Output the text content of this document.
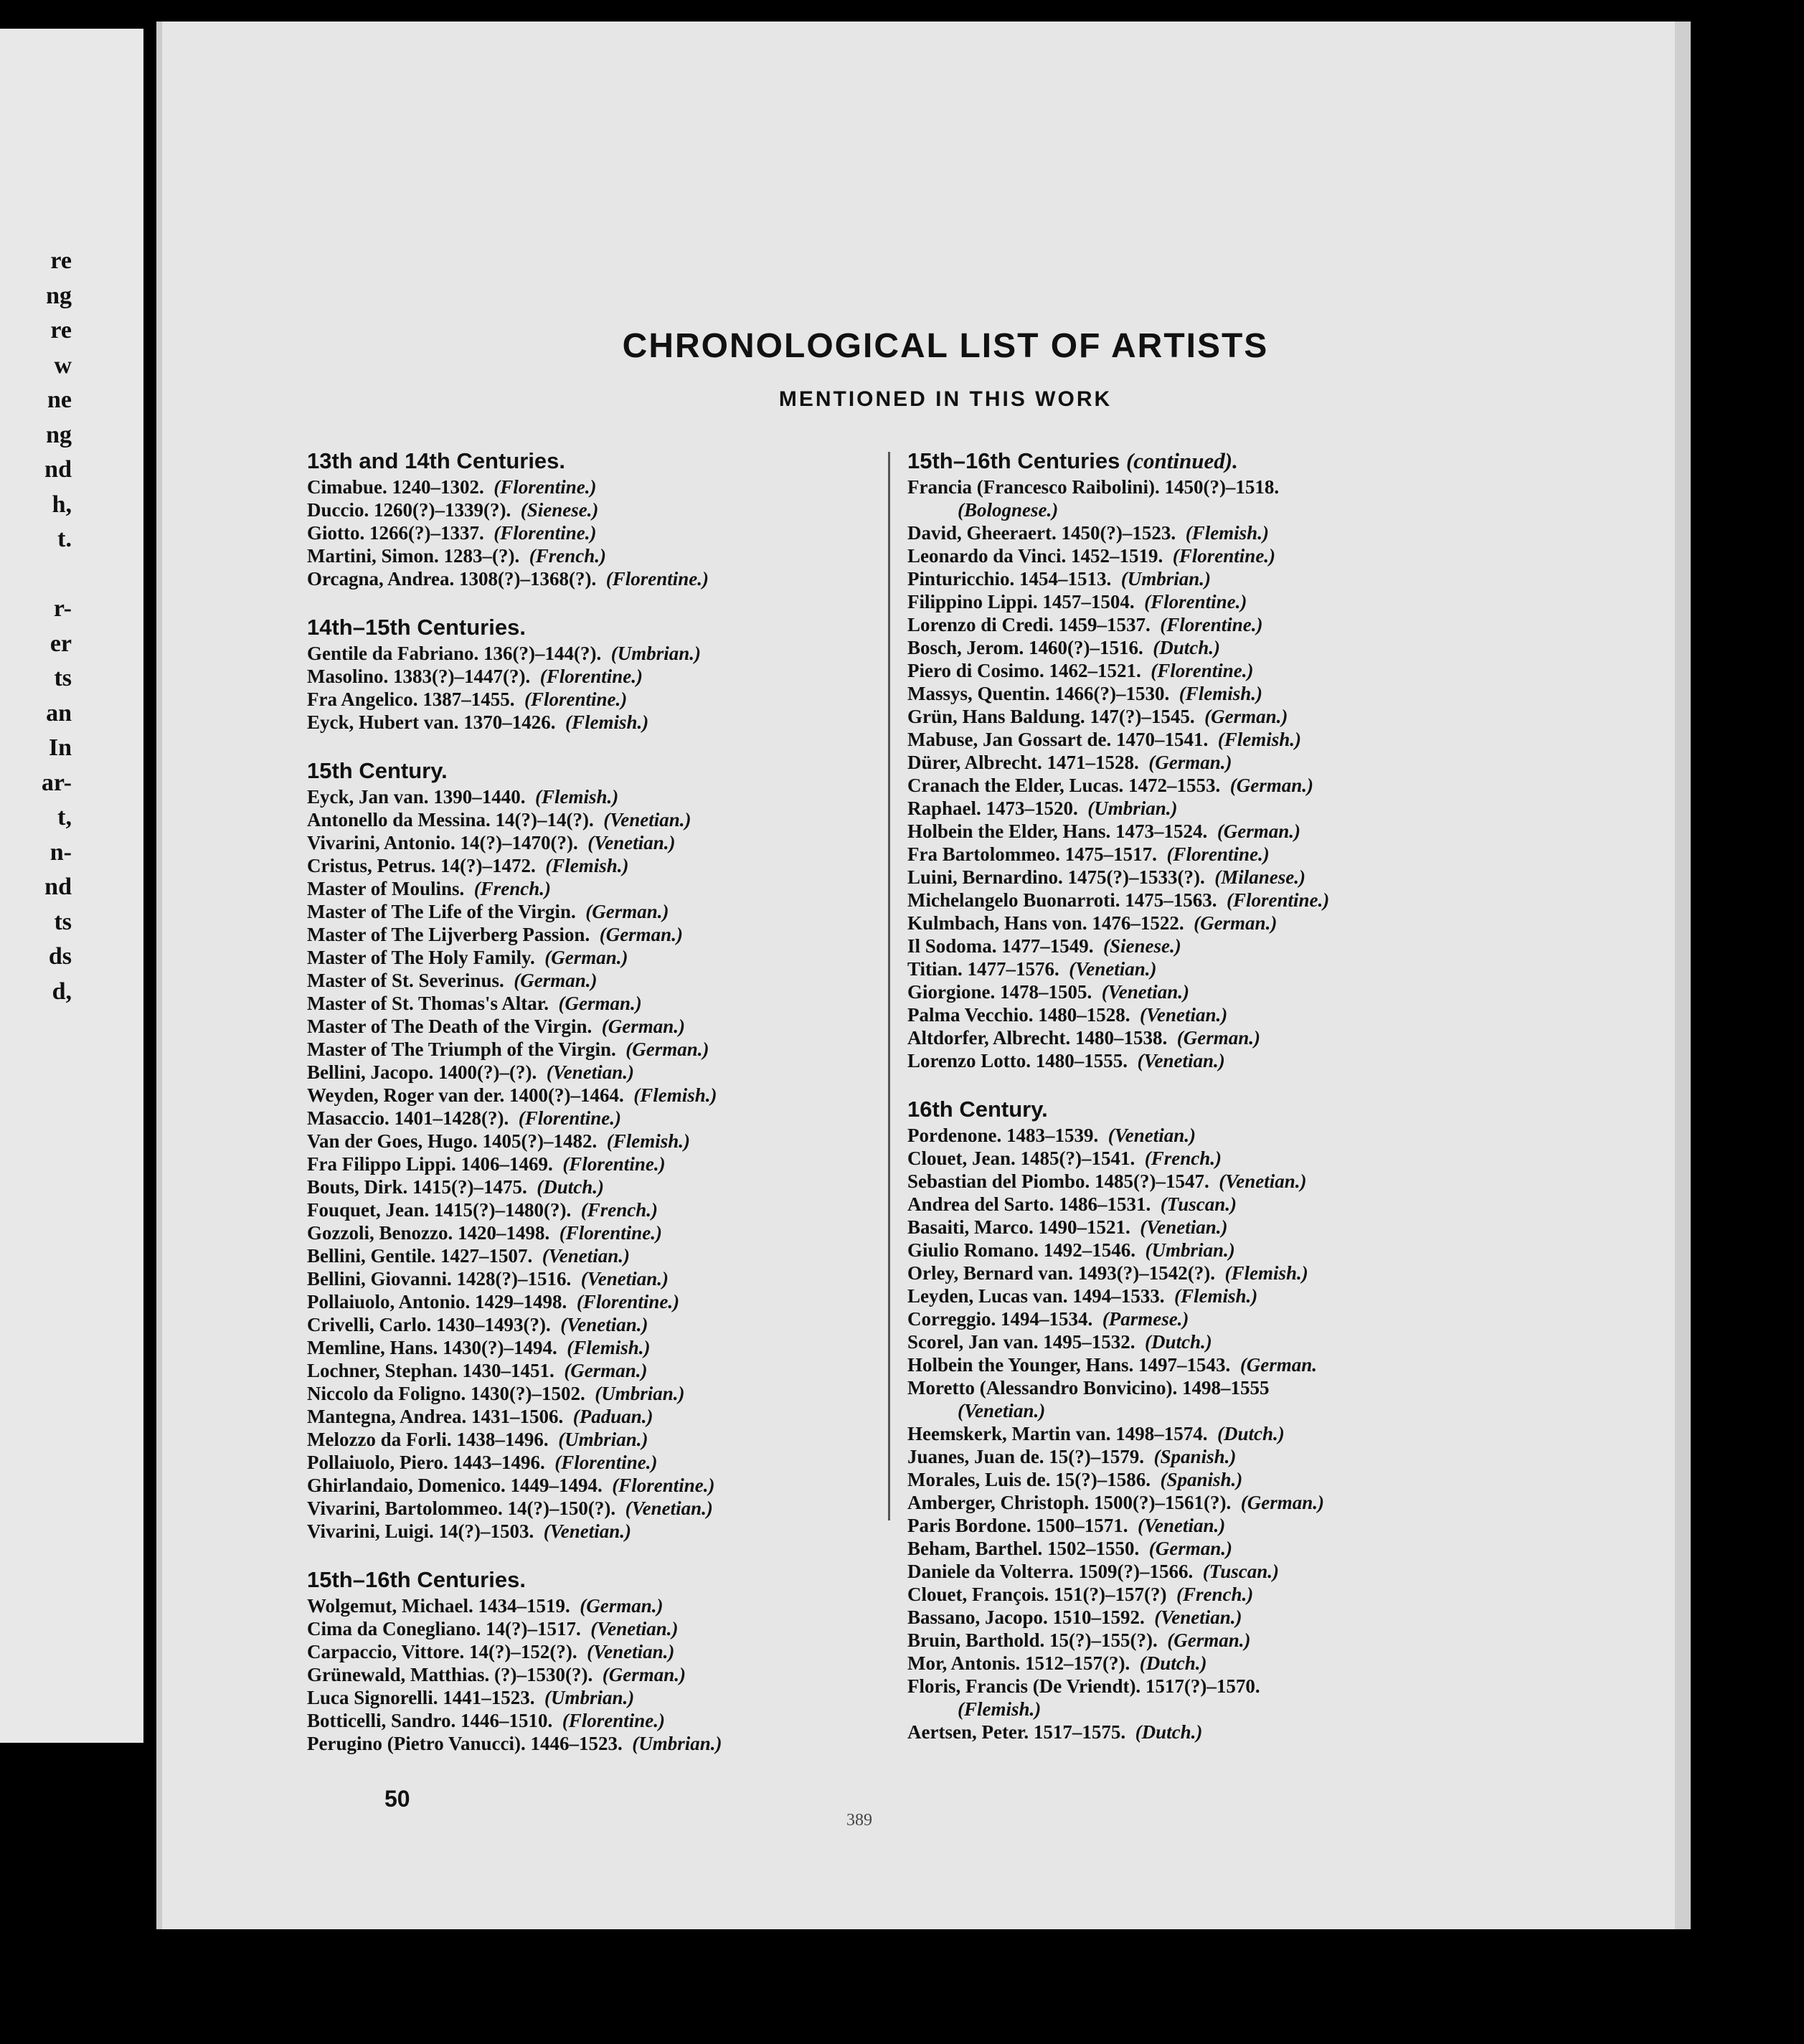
re
ng
re
w
ne
ng
nd
h,
t.
r-
er
ts
an
In
ar-
t,
n-
nd
ts
ds
d,
CHRONOLOGICAL LIST OF ARTISTS
MENTIONED IN THIS WORK
13th and 14th Centuries.
Cimabue. 1240–1302. (Florentine.)
Duccio. 1260(?)–1339(?). (Sienese.)
Giotto. 1266(?)–1337. (Florentine.)
Martini, Simon. 1283–(?). (French.)
Orcagna, Andrea. 1308(?)–1368(?). (Florentine.)
14th–15th Centuries.
Gentile da Fabriano. 136(?)–144(?). (Umbrian.)
Masolino. 1383(?)–1447(?). (Florentine.)
Fra Angelico. 1387–1455. (Florentine.)
Eyck, Hubert van. 1370–1426. (Flemish.)
15th Century.
Eyck, Jan van. 1390–1440. (Flemish.)
Antonello da Messina. 14(?)–14(?). (Venetian.)
Vivarini, Antonio. 14(?)–1470(?). (Venetian.)
Cristus, Petrus. 14(?)–1472. (Flemish.)
Master of Moulins. (French.)
Master of The Life of the Virgin. (German.)
Master of The Lijverberg Passion. (German.)
Master of The Holy Family. (German.)
Master of St. Severinus. (German.)
Master of St. Thomas's Altar. (German.)
Master of The Death of the Virgin. (German.)
Master of The Triumph of the Virgin. (German.)
Bellini, Jacopo. 1400(?)–(?). (Venetian.)
Weyden, Roger van der. 1400(?)–1464. (Flemish.)
Masaccio. 1401–1428(?). (Florentine.)
Van der Goes, Hugo. 1405(?)–1482. (Flemish.)
Fra Filippo Lippi. 1406–1469. (Florentine.)
Bouts, Dirk. 1415(?)–1475. (Dutch.)
Fouquet, Jean. 1415(?)–1480(?). (French.)
Gozzoli, Benozzo. 1420–1498. (Florentine.)
Bellini, Gentile. 1427–1507. (Venetian.)
Bellini, Giovanni. 1428(?)–1516. (Venetian.)
Pollaiuolo, Antonio. 1429–1498. (Florentine.)
Crivelli, Carlo. 1430–1493(?). (Venetian.)
Memline, Hans. 1430(?)–1494. (Flemish.)
Lochner, Stephan. 1430–1451. (German.)
Niccolo da Foligno. 1430(?)–1502. (Umbrian.)
Mantegna, Andrea. 1431–1506. (Paduan.)
Melozzo da Forli. 1438–1496. (Umbrian.)
Pollaiuolo, Piero. 1443–1496. (Florentine.)
Ghirlandaio, Domenico. 1449–1494. (Florentine.)
Vivarini, Bartolommeo. 14(?)–150(?). (Venetian.)
Vivarini, Luigi. 14(?)–1503. (Venetian.)
15th–16th Centuries.
Wolgemut, Michael. 1434–1519. (German.)
Cima da Conegliano. 14(?)–1517. (Venetian.)
Carpaccio, Vittore. 14(?)–152(?). (Venetian.)
Grünewald, Matthias. (?)–1530(?). (German.)
Luca Signorelli. 1441–1523. (Umbrian.)
Botticelli, Sandro. 1446–1510. (Florentine.)
Perugino (Pietro Vanucci). 1446–1523. (Umbrian.)
15th–16th Centuries (continued).
Francia (Francesco Raibolini). 1450(?)–1518.
(Bolognese.)
David, Gheeraert. 1450(?)–1523. (Flemish.)
Leonardo da Vinci. 1452–1519. (Florentine.)
Pinturicchio. 1454–1513. (Umbrian.)
Filippino Lippi. 1457–1504. (Florentine.)
Lorenzo di Credi. 1459–1537. (Florentine.)
Bosch, Jerom. 1460(?)–1516. (Dutch.)
Piero di Cosimo. 1462–1521. (Florentine.)
Massys, Quentin. 1466(?)–1530. (Flemish.)
Grün, Hans Baldung. 147(?)–1545. (German.)
Mabuse, Jan Gossart de. 1470–1541. (Flemish.)
Dürer, Albrecht. 1471–1528. (German.)
Cranach the Elder, Lucas. 1472–1553. (German.)
Raphael. 1473–1520. (Umbrian.)
Holbein the Elder, Hans. 1473–1524. (German.)
Fra Bartolommeo. 1475–1517. (Florentine.)
Luini, Bernardino. 1475(?)–1533(?). (Milanese.)
Michelangelo Buonarroti. 1475–1563. (Florentine.)
Kulmbach, Hans von. 1476–1522. (German.)
Il Sodoma. 1477–1549. (Sienese.)
Titian. 1477–1576. (Venetian.)
Giorgione. 1478–1505. (Venetian.)
Palma Vecchio. 1480–1528. (Venetian.)
Altdorfer, Albrecht. 1480–1538. (German.)
Lorenzo Lotto. 1480–1555. (Venetian.)
16th Century.
Pordenone. 1483–1539. (Venetian.)
Clouet, Jean. 1485(?)–1541. (French.)
Sebastian del Piombo. 1485(?)–1547. (Venetian.)
Andrea del Sarto. 1486–1531. (Tuscan.)
Basaiti, Marco. 1490–1521. (Venetian.)
Giulio Romano. 1492–1546. (Umbrian.)
Orley, Bernard van. 1493(?)–1542(?). (Flemish.)
Leyden, Lucas van. 1494–1533. (Flemish.)
Correggio. 1494–1534. (Parmese.)
Scorel, Jan van. 1495–1532. (Dutch.)
Holbein the Younger, Hans. 1497–1543. (German.
Moretto (Alessandro Bonvicino). 1498–1555
(Venetian.)
Heemskerk, Martin van. 1498–1574. (Dutch.)
Juanes, Juan de. 15(?)–1579. (Spanish.)
Morales, Luis de. 15(?)–1586. (Spanish.)
Amberger, Christoph. 1500(?)–1561(?). (German.)
Paris Bordone. 1500–1571. (Venetian.)
Beham, Barthel. 1502–1550. (German.)
Daniele da Volterra. 1509(?)–1566. (Tuscan.)
Clouet, François. 151(?)–157(?) (French.)
Bassano, Jacopo. 1510–1592. (Venetian.)
Bruin, Barthold. 15(?)–155(?). (German.)
Mor, Antonis. 1512–157(?). (Dutch.)
Floris, Francis (De Vriendt). 1517(?)–1570.
(Flemish.)
Aertsen, Peter. 1517–1575. (Dutch.)
50
389
